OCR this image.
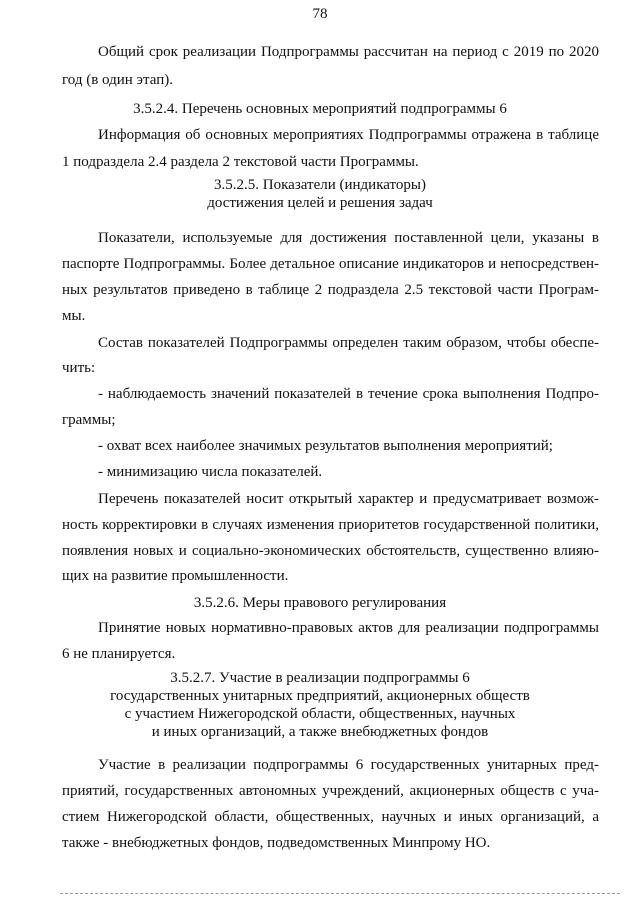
78
Общий срок реализации Подпрограммы рассчитан на период с 2019 по 2020
год (в один этап).
3.5.2.4. Перечень основных мероприятий подпрограммы 6
Информация об основных мероприятиях Подпрограммы отражена в таблице
1 подраздела 2.4 раздела 2 текстовой части Программы.
3.5.2.5. Показатели (индикаторы)
достижения целей и решения задач
Показатели, используемые для достижения поставленной цели, указаны в
паспорте Подпрограммы. Более детальное описание индикаторов и непосредствен-
ных результатов приведено в таблице 2 подраздела 2.5 текстовой части Програм-
мы.
Состав показателей Подпрограммы определен таким образом, чтобы обеспе-
чить:
- наблюдаемость значений показателей в течение срока выполнения Подпро-
граммы;
- охват всех наиболее значимых результатов выполнения мероприятий;
- минимизацию числа показателей.
Перечень показателей носит открытый характер и предусматривает возмож-
ность корректировки в случаях изменения приоритетов государственной политики,
появления новых и социально-экономических обстоятельств, существенно влияю-
щих на развитие промышленности.
3.5.2.6. Меры правового регулирования
Принятие новых нормативно-правовых актов для реализации подпрограммы
6 не планируется.
3.5.2.7. Участие в реализации подпрограммы 6
государственных унитарных предприятий, акционерных обществ
с участием Нижегородской области, общественных, научных
и иных организаций, а также внебюджетных фондов
Участие в реализации подпрограммы 6 государственных унитарных пред-
приятий, государственных автономных учреждений, акционерных обществ с уча-
стием Нижегородской области, общественных, научных и иных организаций, а
также - внебюджетных фондов, подведомственных Минпрому НО.
